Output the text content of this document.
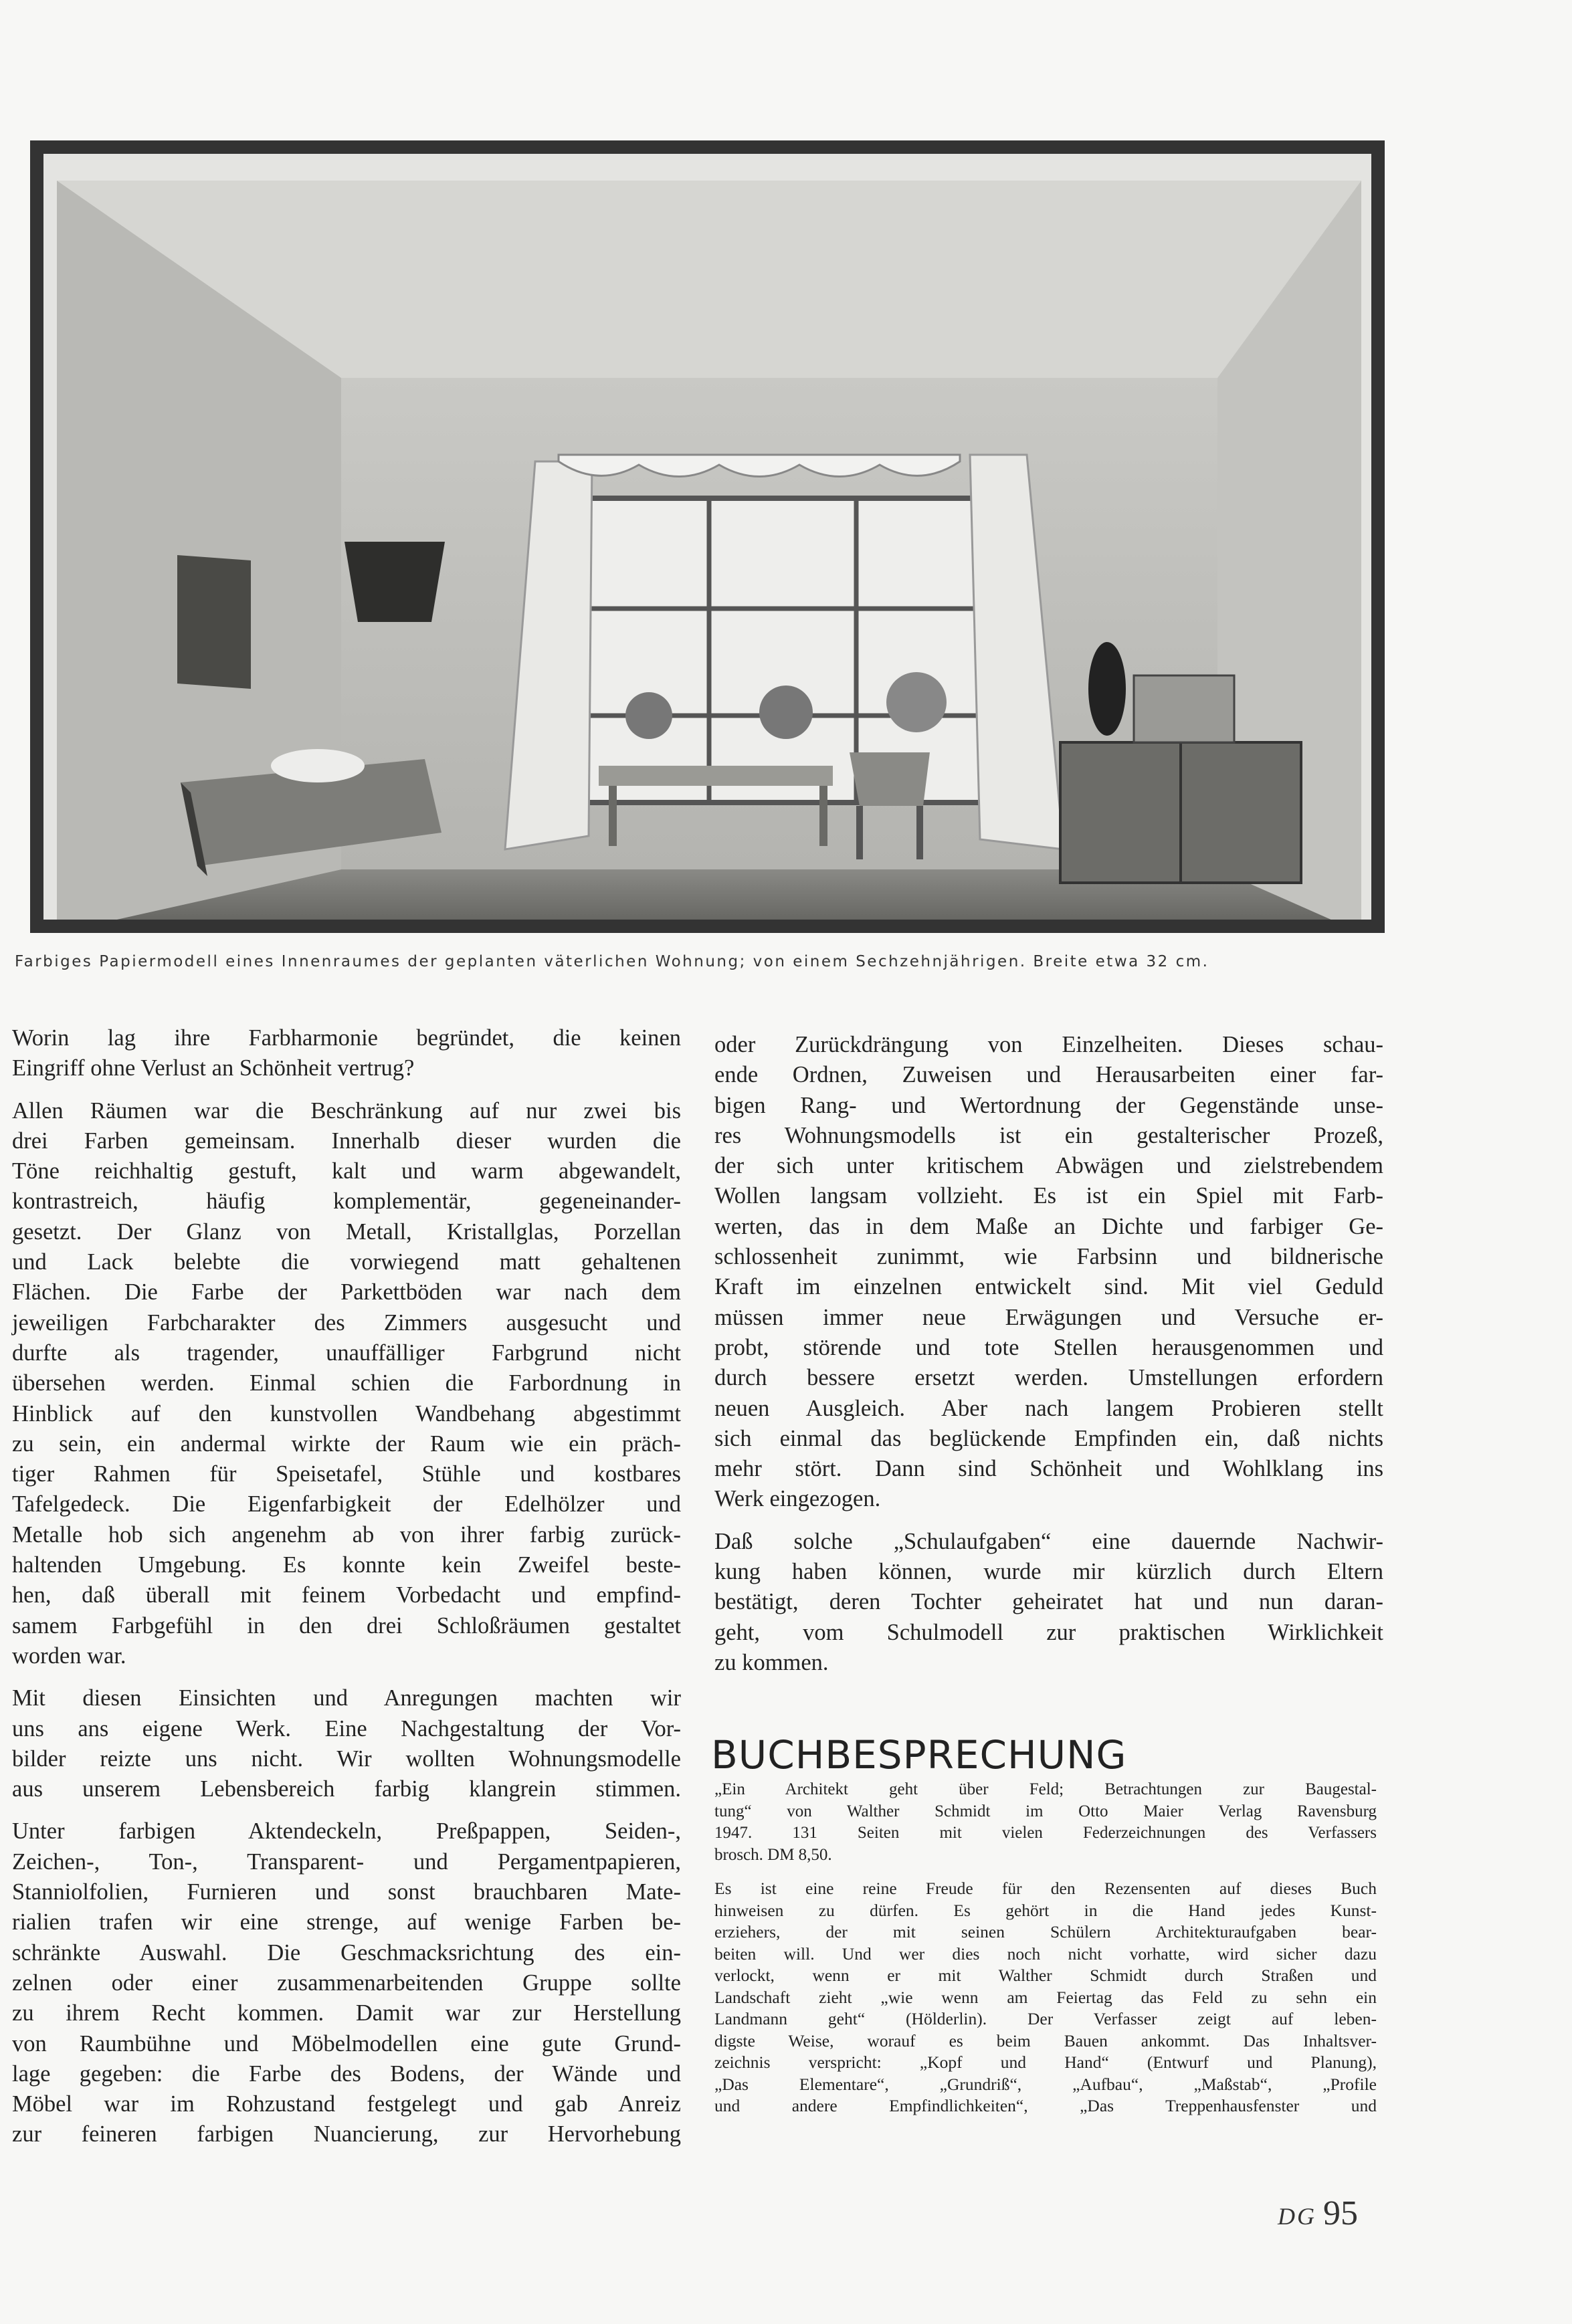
Farbiges Papiermodell eines Innenraumes der geplanten väterlichen Wohnung; von einem Sechzehnjährigen. Breite etwa 32 cm.
Worin lag ihre Farbharmonie begründet, die keinen
Eingriff ohne Verlust an Schönheit vertrug?
Allen Räumen war die Beschränkung auf nur zwei bis
drei Farben gemeinsam. Innerhalb dieser wurden die
Töne reichhaltig gestuft, kalt und warm abgewandelt,
kontrastreich, häufig komplementär, gegeneinander-
gesetzt. Der Glanz von Metall, Kristallglas, Porzellan
und Lack belebte die vorwiegend matt gehaltenen
Flächen. Die Farbe der Parkettböden war nach dem
jeweiligen Farbcharakter des Zimmers ausgesucht und
durfte als tragender, unauffälliger Farbgrund nicht
übersehen werden. Einmal schien die Farbordnung in
Hinblick auf den kunstvollen Wandbehang abgestimmt
zu sein, ein andermal wirkte der Raum wie ein präch-
tiger Rahmen für Speisetafel, Stühle und kostbares
Tafelgedeck. Die Eigenfarbigkeit der Edelhölzer und
Metalle hob sich angenehm ab von ihrer farbig zurück-
haltenden Umgebung. Es konnte kein Zweifel beste-
hen, daß überall mit feinem Vorbedacht und empfind-
samem Farbgefühl in den drei Schloßräumen gestaltet
worden war.
Mit diesen Einsichten und Anregungen machten wir
uns ans eigene Werk. Eine Nachgestaltung der Vor-
bilder reizte uns nicht. Wir wollten Wohnungsmodelle
aus unserem Lebensbereich farbig klangrein stimmen.
Unter farbigen Aktendeckeln, Preßpappen, Seiden-,
Zeichen-, Ton-, Transparent- und Pergamentpapieren,
Stanniolfolien, Furnieren und sonst brauchbaren Mate-
rialien trafen wir eine strenge, auf wenige Farben be-
schränkte Auswahl. Die Geschmacksrichtung des ein-
zelnen oder einer zusammenarbeitenden Gruppe sollte
zu ihrem Recht kommen. Damit war zur Herstellung
von Raumbühne und Möbelmodellen eine gute Grund-
lage gegeben: die Farbe des Bodens, der Wände und
Möbel war im Rohzustand festgelegt und gab Anreiz
zur feineren farbigen Nuancierung, zur Hervorhebung
oder Zurückdrängung von Einzelheiten. Dieses schau-
ende Ordnen, Zuweisen und Herausarbeiten einer far-
bigen Rang- und Wertordnung der Gegenstände unse-
res Wohnungsmodells ist ein gestalterischer Prozeß,
der sich unter kritischem Abwägen und zielstrebendem
Wollen langsam vollzieht. Es ist ein Spiel mit Farb-
werten, das in dem Maße an Dichte und farbiger Ge-
schlossenheit zunimmt, wie Farbsinn und bildnerische
Kraft im einzelnen entwickelt sind. Mit viel Geduld
müssen immer neue Erwägungen und Versuche er-
probt, störende und tote Stellen herausgenommen und
durch bessere ersetzt werden. Umstellungen erfordern
neuen Ausgleich. Aber nach langem Probieren stellt
sich einmal das beglückende Empfinden ein, daß nichts
mehr stört. Dann sind Schönheit und Wohlklang ins
Werk eingezogen.
Daß solche „Schulaufgaben“ eine dauernde Nachwir-
kung haben können, wurde mir kürzlich durch Eltern
bestätigt, deren Tochter geheiratet hat und nun daran-
geht, vom Schulmodell zur praktischen Wirklichkeit
zu kommen.
BUCHBESPRECHUNG
„Ein Architekt geht über Feld; Betrachtungen zur Baugestal-
tung“ von Walther Schmidt im Otto Maier Verlag Ravensburg
1947. 131 Seiten mit vielen Federzeichnungen des Verfassers
brosch. DM 8,50.
Es ist eine reine Freude für den Rezensenten auf dieses Buch
hinweisen zu dürfen. Es gehört in die Hand jedes Kunst-
erziehers, der mit seinen Schülern Architekturaufgaben bear-
beiten will. Und wer dies noch nicht vorhatte, wird sicher dazu
verlockt, wenn er mit Walther Schmidt durch Straßen und
Landschaft zieht „wie wenn am Feiertag das Feld zu sehn ein
Landmann geht“ (Hölderlin). Der Verfasser zeigt auf leben-
digste Weise, worauf es beim Bauen ankommt. Das Inhaltsver-
zeichnis verspricht: „Kopf und Hand“ (Entwurf und Planung),
„Das Elementare“, „Grundriß“, „Aufbau“, „Maßstab“, „Profile
und andere Empfindlichkeiten“, „Das Treppenhausfenster und
DG 95
